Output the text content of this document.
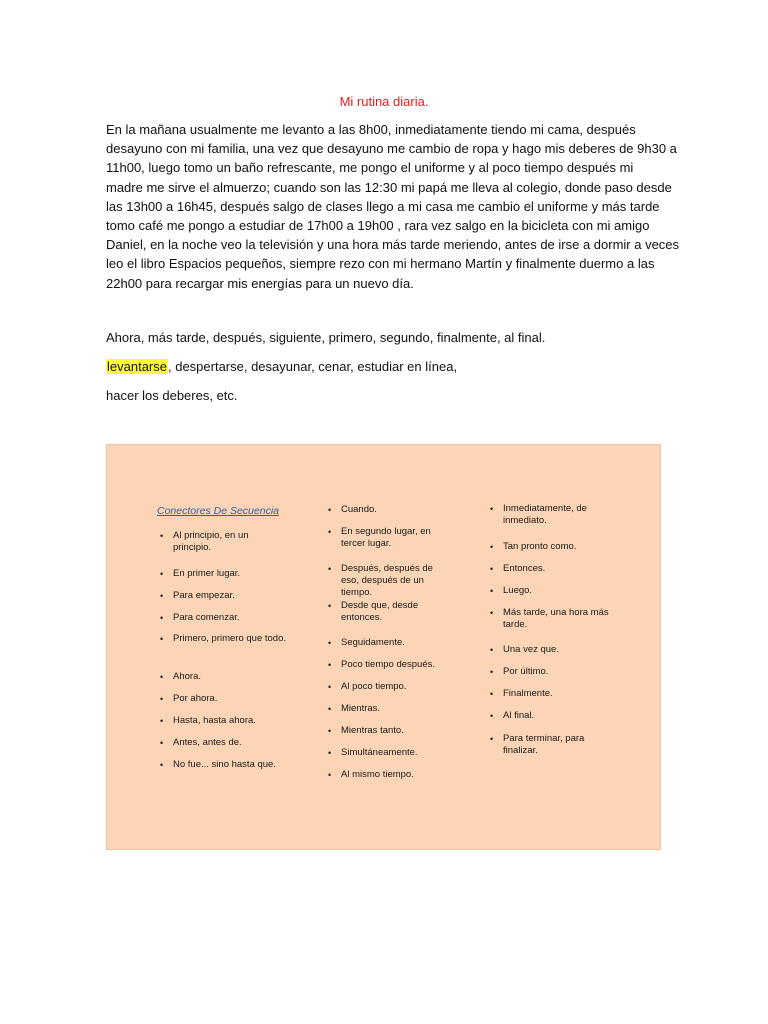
Mi rutina diaria.
En la mañana usualmente me levanto a las 8h00, inmediatamente tiendo mi cama, después
desayuno con mi familia, una vez que desayuno me cambio de ropa y hago mis deberes de 9h30 a
11h00, luego tomo un baño refrescante, me pongo el uniforme y al poco tiempo después mi
madre me sirve el almuerzo; cuando son las 12:30 mi papá me lleva al colegio, donde paso desde
las 13h00 a 16h45, después salgo de clases llego a mi casa me cambio el uniforme y más tarde
tomo café me pongo a estudiar de 17h00 a 19h00 , rara vez salgo en la bicicleta con mi amigo
Daniel, en la noche veo la televisión y una hora más tarde meriendo, antes de irse a dormir a veces
leo el libro Espacios pequeños, siempre rezo con mi hermano Martín y finalmente duermo a las
22h00 para recargar mis energías para un nuevo día.
Ahora, más tarde, después, siguiente, primero, segundo, finalmente, al final.
levantarse, despertarse, desayunar, cenar, estudiar en línea,
hacer los deberes, etc.
Conectores De Secuencia
• Al principio, en un principio.
• En primer lugar.
• Para empezar.
• Para comenzar.
• Primero, primero que todo.
• Ahora.
• Por ahora.
• Hasta, hasta ahora.
• Antes, antes de.
• No fue... sino hasta que.
• Cuando.
• En segundo lugar, en tercer lugar.
• Después, después de eso, después de un tiempo.
• Desde que, desde entonces.
• Seguidamente.
• Poco tiempo después.
• Al poco tiempo.
• Mientras.
• Mientras tanto.
• Simultáneamente.
• Al mismo tiempo.
• Inmediatamente, de inmediato.
• Tan pronto como.
• Entonces.
• Luego.
• Más tarde, una hora más tarde.
• Una vez que.
• Por último.
• Finalmente.
• Al final.
• Para terminar, para finalizar.
